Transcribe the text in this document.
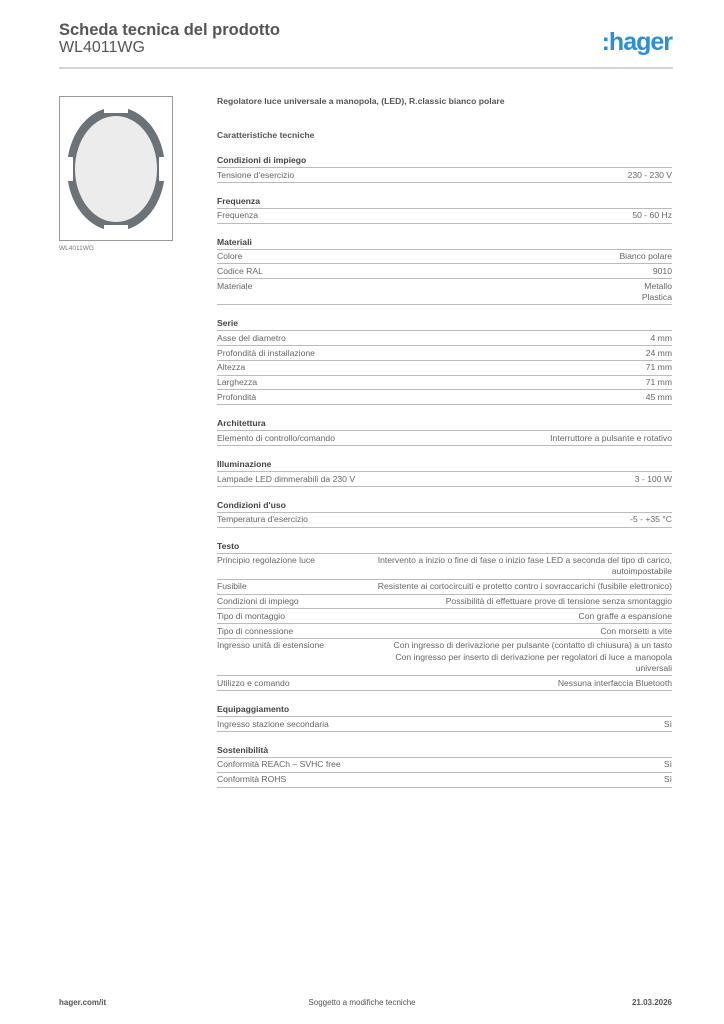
Scheda tecnica del prodotto
WL4011WG	:hager
WL4011WG
Regolatore luce universale a manopola, (LED), R.classic bianco polare
Caratteristiche tecniche
Condizioni di impiego
Tensione d'esercizio	230 - 230 V
Frequenza
Frequenza	50 - 60 Hz
Materiali
Colore	Bianco polare
Codice RAL	9010
Materiale	Metallo
Plastica
Serie
Asse del diametro	4 mm
Profondità di installazione	24 mm
Altezza	71 mm
Larghezza	71 mm
Profondità	45 mm
Architettura
Elemento di controllo/comando	Interruttore a pulsante e rotativo
Illuminazione
Lampade LED dimmerabili da 230 V	3 - 100 W
Condizioni d'uso
Temperatura d'esercizio	-5 - +35 °C
Testo
Principio regolazione luce	Intervento a inizio o fine di fase o inizio fase LED a seconda del tipo di carico, autoimpostabile
Fusibile	Resistente ai cortocircuiti e protetto contro i sovraccarichi (fusibile elettronico)
Condizioni di impiego	Possibilità di effettuare prove di tensione senza smontaggio
Tipo di montaggio	Con graffe a espansione
Tipo di connessione	Con morsetti a vite
Ingresso unità di estensione	Con ingresso di derivazione per pulsante (contatto di chiusura) a un tasto
Con ingresso per inserto di derivazione per regolatori di luce a manopola universali
Utilizzo e comando	Nessuna interfaccia Bluetooth
Equipaggiamento
Ingresso stazione secondaria	Sì
Sostenibilità
Conformità REACh – SVHC free	Sì
Conformità ROHS	Sì
hager.com/it	Soggetto a modifiche tecniche	21.03.2026
